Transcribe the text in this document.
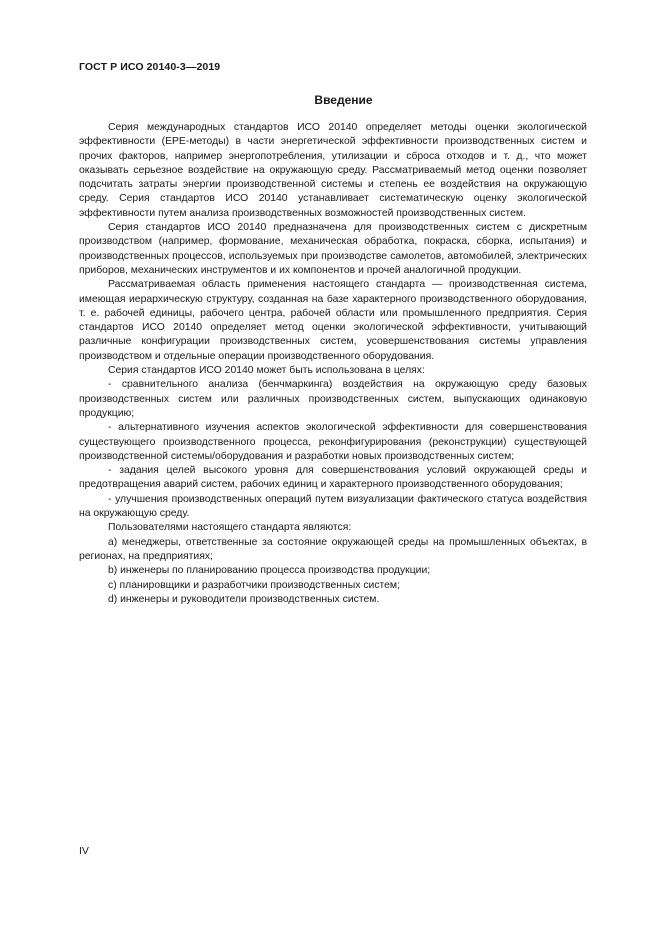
ГОСТ Р ИСО 20140-3—2019
Введение

Серия международных стандартов ИСО 20140 определяет методы оценки экологической эффективности (EPE-методы) в части энергетической эффективности производственных систем и прочих факторов, например энергопотребления, утилизации и сброса отходов и т. д., что может оказывать серьезное воздействие на окружающую среду. Рассматриваемый метод оценки позволяет подсчитать затраты энергии производственной системы и степень ее воздействия на окружающую среду. Серия стандартов ИСО 20140 устанавливает систематическую оценку экологической эффективности путем анализа производственных возможностей производственных систем.

Серия стандартов ИСО 20140 предназначена для производственных систем с дискретным производством (например, формование, механическая обработка, покраска, сборка, испытания) и производственных процессов, используемых при производстве самолетов, автомобилей, электрических приборов, механических инструментов и их компонентов и прочей аналогичной продукции.

Рассматриваемая область применения настоящего стандарта — производственная система, имеющая иерархическую структуру, созданная на базе характерного производственного оборудования, т. е. рабочей единицы, рабочего центра, рабочей области или промышленного предприятия. Серия стандартов ИСО 20140 определяет метод оценки экологической эффективности, учитывающий различные конфигурации производственных систем, усовершенствования системы управления производством и отдельные операции производственного оборудования.

Серия стандартов ИСО 20140 может быть использована в целях:

- сравнительного анализа (бенчмаркинга) воздействия на окружающую среду базовых производственных систем или различных производственных систем, выпускающих одинаковую продукцию;

- альтернативного изучения аспектов экологической эффективности для совершенствования существующего производственного процесса, реконфигурирования (реконструкции) существующей производственной системы/оборудования и разработки новых производственных систем;

- задания целей высокого уровня для совершенствования условий окружающей среды и предотвращения аварий систем, рабочих единиц и характерного производственного оборудования;

- улучшения производственных операций путем визуализации фактического статуса воздействия на окружающую среду.

Пользователями настоящего стандарта являются:

a) менеджеры, ответственные за состояние окружающей среды на промышленных объектах, в регионах, на предприятиях;

b) инженеры по планированию процесса производства продукции;

c) планировщики и разработчики производственных систем;

d) инженеры и руководители производственных систем.

IV
